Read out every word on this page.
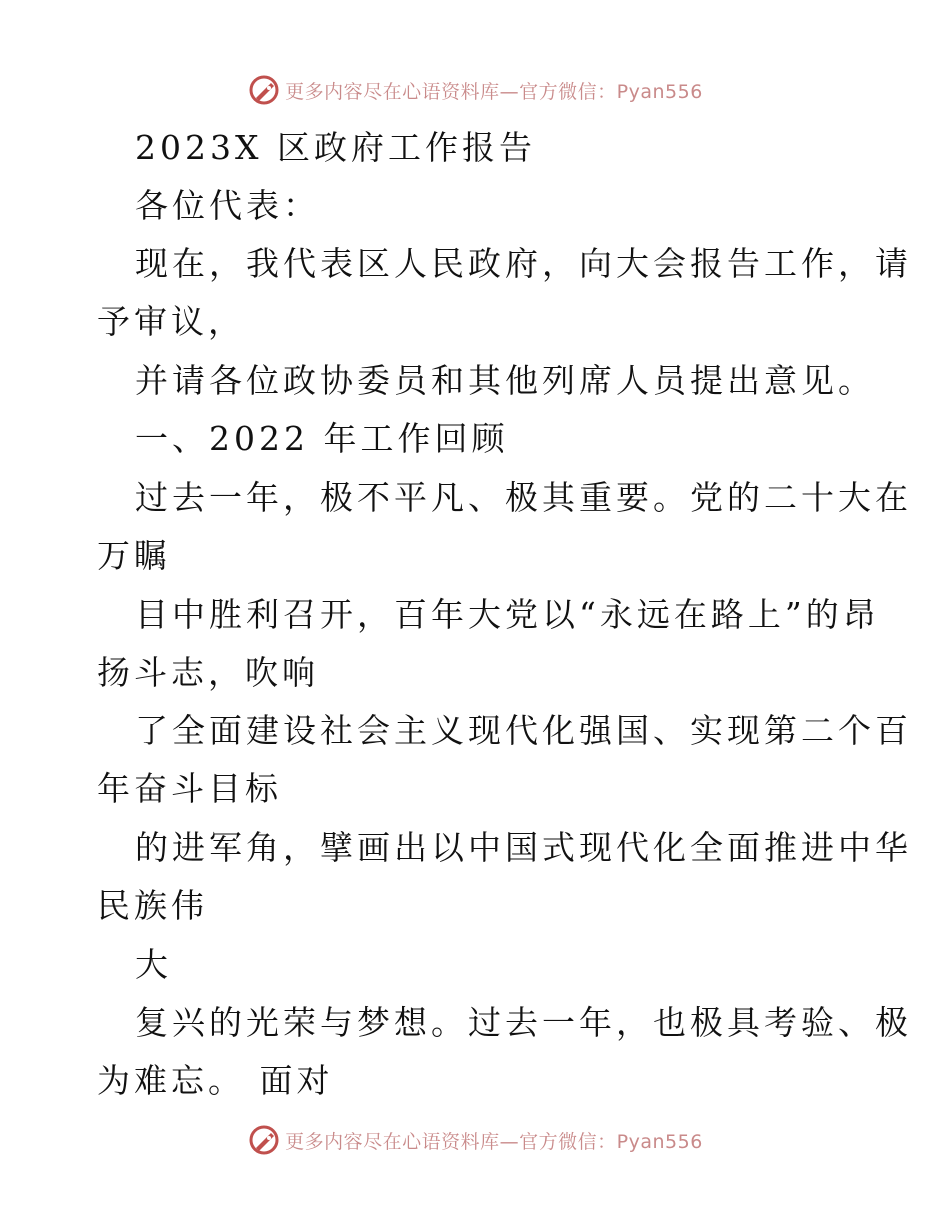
更多内容尽在心语资料库—官方微信：Pyan556
2023X 区政府工作报告
各位代表：
现在，我代表区人民政府，向大会报告工作，请
予审议，
并请各位政协委员和其他列席人员提出意见。
一、2022 年工作回顾
过去一年，极不平凡、极其重要。党的二十大在
万瞩
目中胜利召开，百年大党以“永远在路上”的昂
扬斗志，吹响
了全面建设社会主义现代化强国、实现第二个百
年奋斗目标
的进军角，擘画出以中国式现代化全面推进中华
民族伟
大
复兴的光荣与梦想。过去一年，也极具考验、极
为难忘。 面对
更多内容尽在心语资料库—官方微信：Pyan556
